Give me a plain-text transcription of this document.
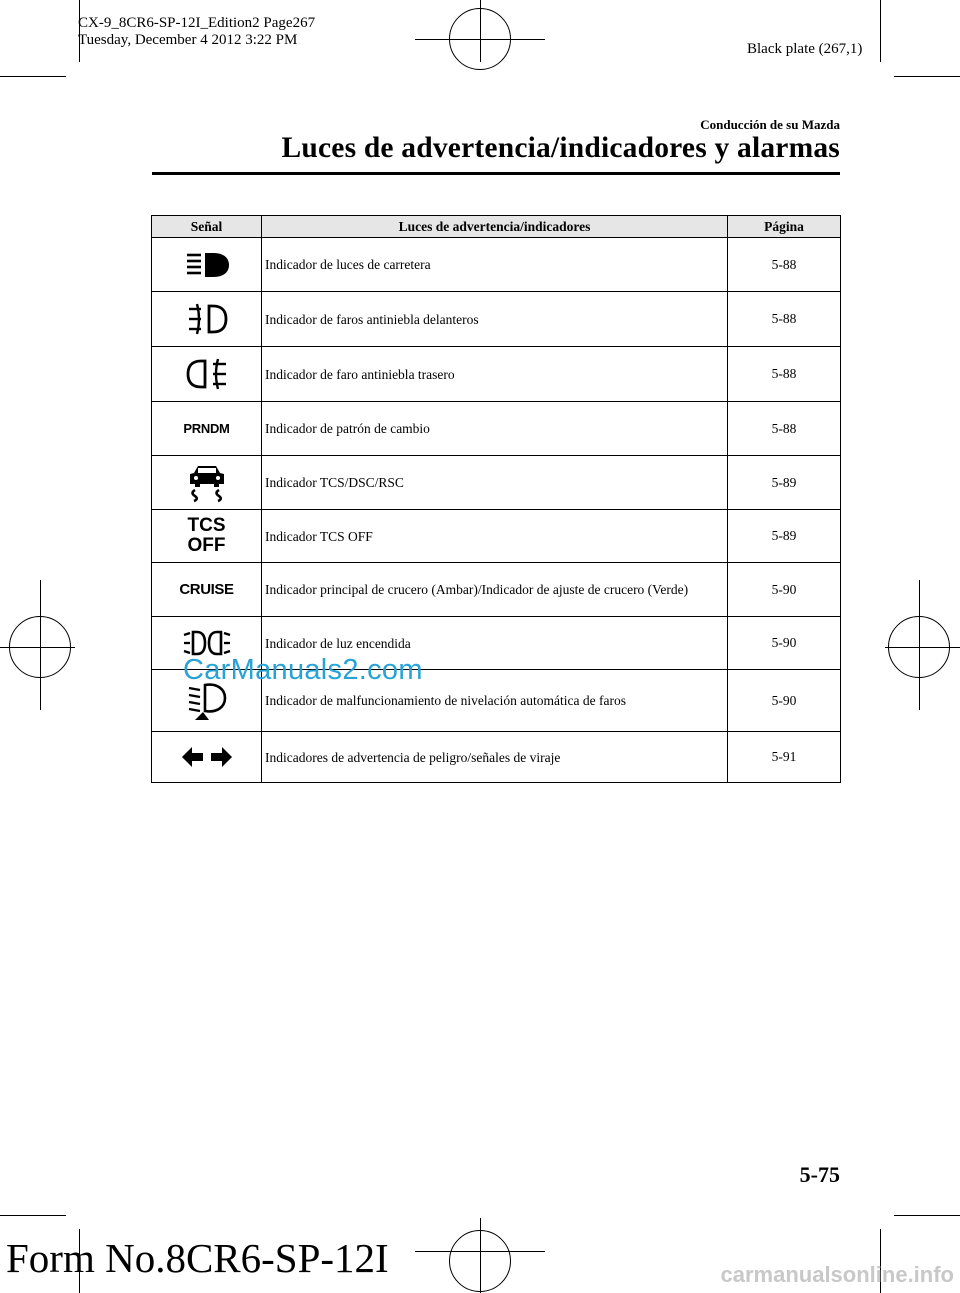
CX-9_8CR6-SP-12I_Edition2 Page267
Tuesday, December 4 2012 3:22 PM
Black plate (267,1)
Conducción de su Mazda
Luces de advertencia/indicadores y alarmas
Señal	Luces de advertencia/indicadores	Página

	Indicador de luces de carretera	5-88

	Indicador de faros antiniebla delanteros	5-88

	Indicador de faro antiniebla trasero	5-88
PRNDM	Indicador de patrón de cambio	5-88

	Indicador TCS/DSC/RSC	5-89

TCS
OFF	Indicador TCS OFF	5-89
CRUISE	Indicador principal de crucero (Ambar)/Indicador de ajuste de crucero (Verde)	5-90

	Indicador de luz encendida	5-90

	Indicador de malfuncionamiento de nivelación automática de faros	5-90

	Indicadores de advertencia de peligro/señales de viraje	5-91
CarManuals2.com
5-75
Form No.8CR6-SP-12I	carmanualsonline.info
